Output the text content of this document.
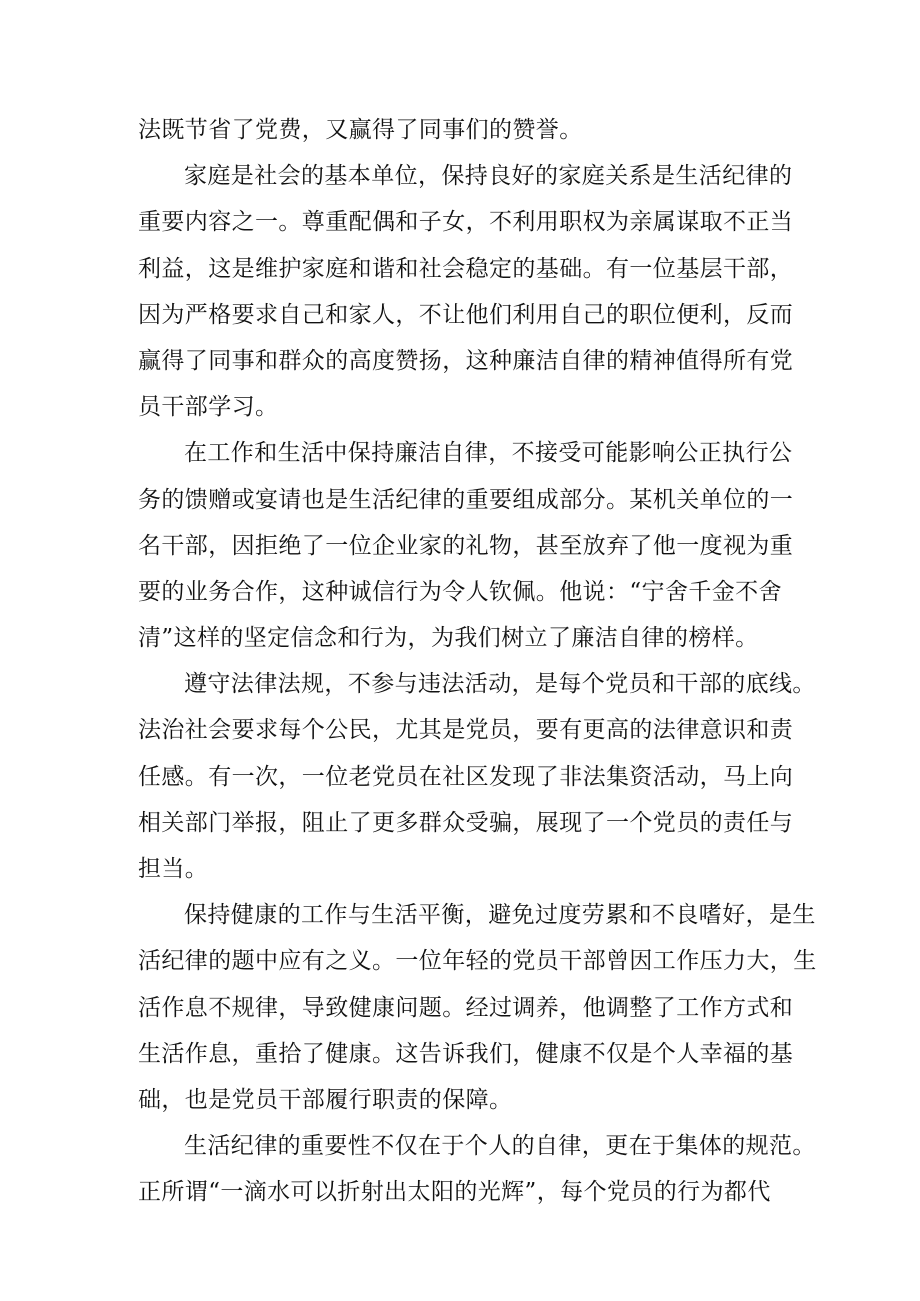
法既节省了党费，又赢得了同事们的赞誉。
家庭是社会的基本单位，保持良好的家庭关系是生活纪律的
重要内容之一。尊重配偶和子女，不利用职权为亲属谋取不正当
利益，这是维护家庭和谐和社会稳定的基础。有一位基层干部，
因为严格要求自己和家人，不让他们利用自己的职位便利，反而
赢得了同事和群众的高度赞扬，这种廉洁自律的精神值得所有党
员干部学习。
在工作和生活中保持廉洁自律，不接受可能影响公正执行公
务的馈赠或宴请也是生活纪律的重要组成部分。某机关单位的一
名干部，因拒绝了一位企业家的礼物，甚至放弃了他一度视为重
要的业务合作，这种诚信行为令人钦佩。他说：“宁舍千金不舍
清”这样的坚定信念和行为，为我们树立了廉洁自律的榜样。
遵守法律法规，不参与违法活动，是每个党员和干部的底线。
法治社会要求每个公民，尤其是党员，要有更高的法律意识和责
任感。有一次，一位老党员在社区发现了非法集资活动，马上向
相关部门举报，阻止了更多群众受骗，展现了一个党员的责任与
担当。
保持健康的工作与生活平衡，避免过度劳累和不良嗜好，是生
活纪律的题中应有之义。一位年轻的党员干部曾因工作压力大，生
活作息不规律，导致健康问题。经过调养，他调整了工作方式和
生活作息，重拾了健康。这告诉我们，健康不仅是个人幸福的基
础，也是党员干部履行职责的保障。
生活纪律的重要性不仅在于个人的自律，更在于集体的规范。
正所谓“一滴水可以折射出太阳的光辉”，每个党员的行为都代
